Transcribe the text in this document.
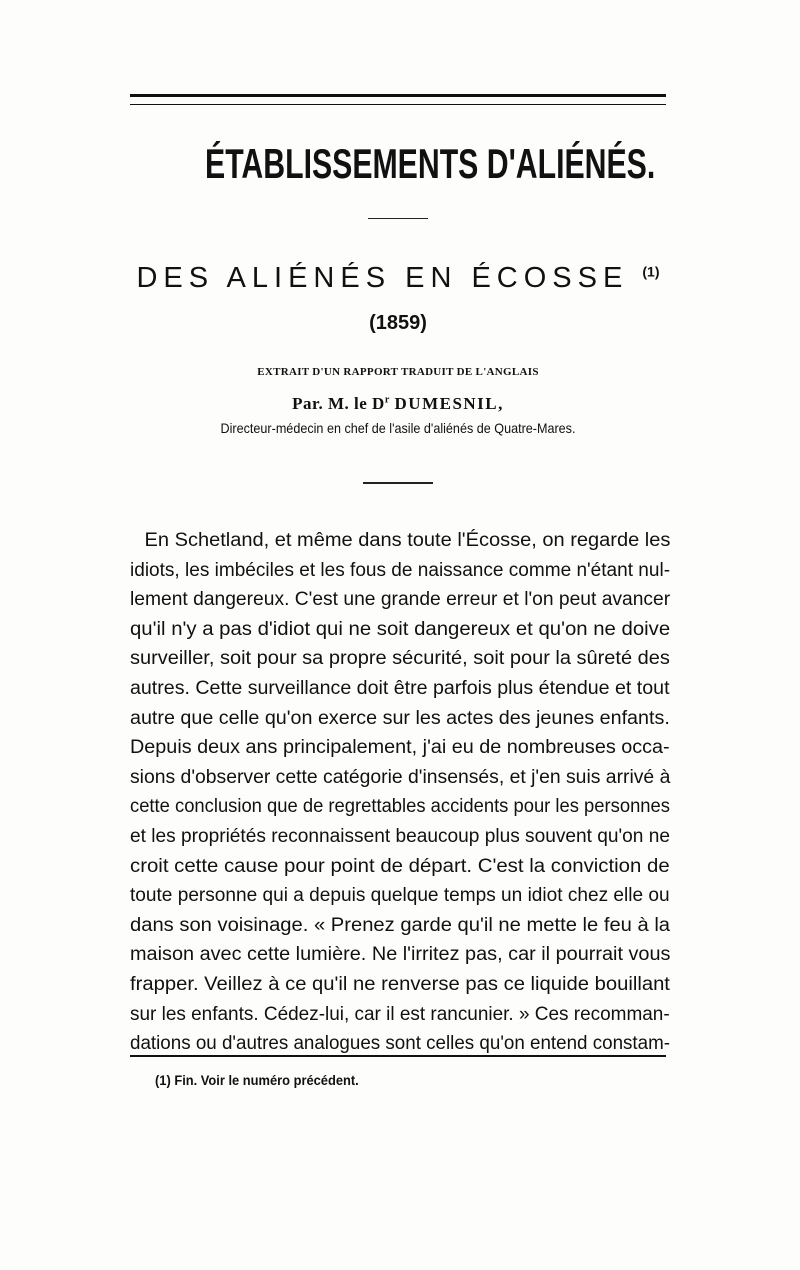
ÉTABLISSEMENTS D'ALIÉNÉS.
DES ALIÉNÉS EN ÉCOSSE $^{(1)}$
(1859)
EXTRAIT D'UN RAPPORT TRADUIT DE L'ANGLAIS
Par. M. le $D^r$ DUMESNIL,
Directeur-médecin en chef de l'asile d'aliénés de Quatre-Mares.
En Schetland, et même dans toute l'Écosse, on regarde les
idiots, les imbéciles et les fous de naissance comme n'étant nul-
lement dangereux. C'est une grande erreur et l'on peut avancer
qu'il n'y a pas d'idiot qui ne soit dangereux et qu'on ne doive
surveiller, soit pour sa propre sécurité, soit pour la sûreté des
autres. Cette surveillance doit être parfois plus étendue et tout
autre que celle qu'on exerce sur les actes des jeunes enfants.
Depuis deux ans principalement, j'ai eu de nombreuses occa-
sions d'observer cette catégorie d'insensés, et j'en suis arrivé à
cette conclusion que de regrettables accidents pour les personnes
et les propriétés reconnaissent beaucoup plus souvent qu'on ne
croit cette cause pour point de départ. C'est la conviction de
toute personne qui a depuis quelque temps un idiot chez elle ou
dans son voisinage. « Prenez garde qu'il ne mette le feu à la
maison avec cette lumière. Ne l'irritez pas, car il pourrait vous
frapper. Veillez à ce qu'il ne renverse pas ce liquide bouillant
sur les enfants. Cédez-lui, car il est rancunier. » Ces recomman-
dations ou d'autres analogues sont celles qu'on entend constam-
(1) Fin. Voir le numéro précédent.
